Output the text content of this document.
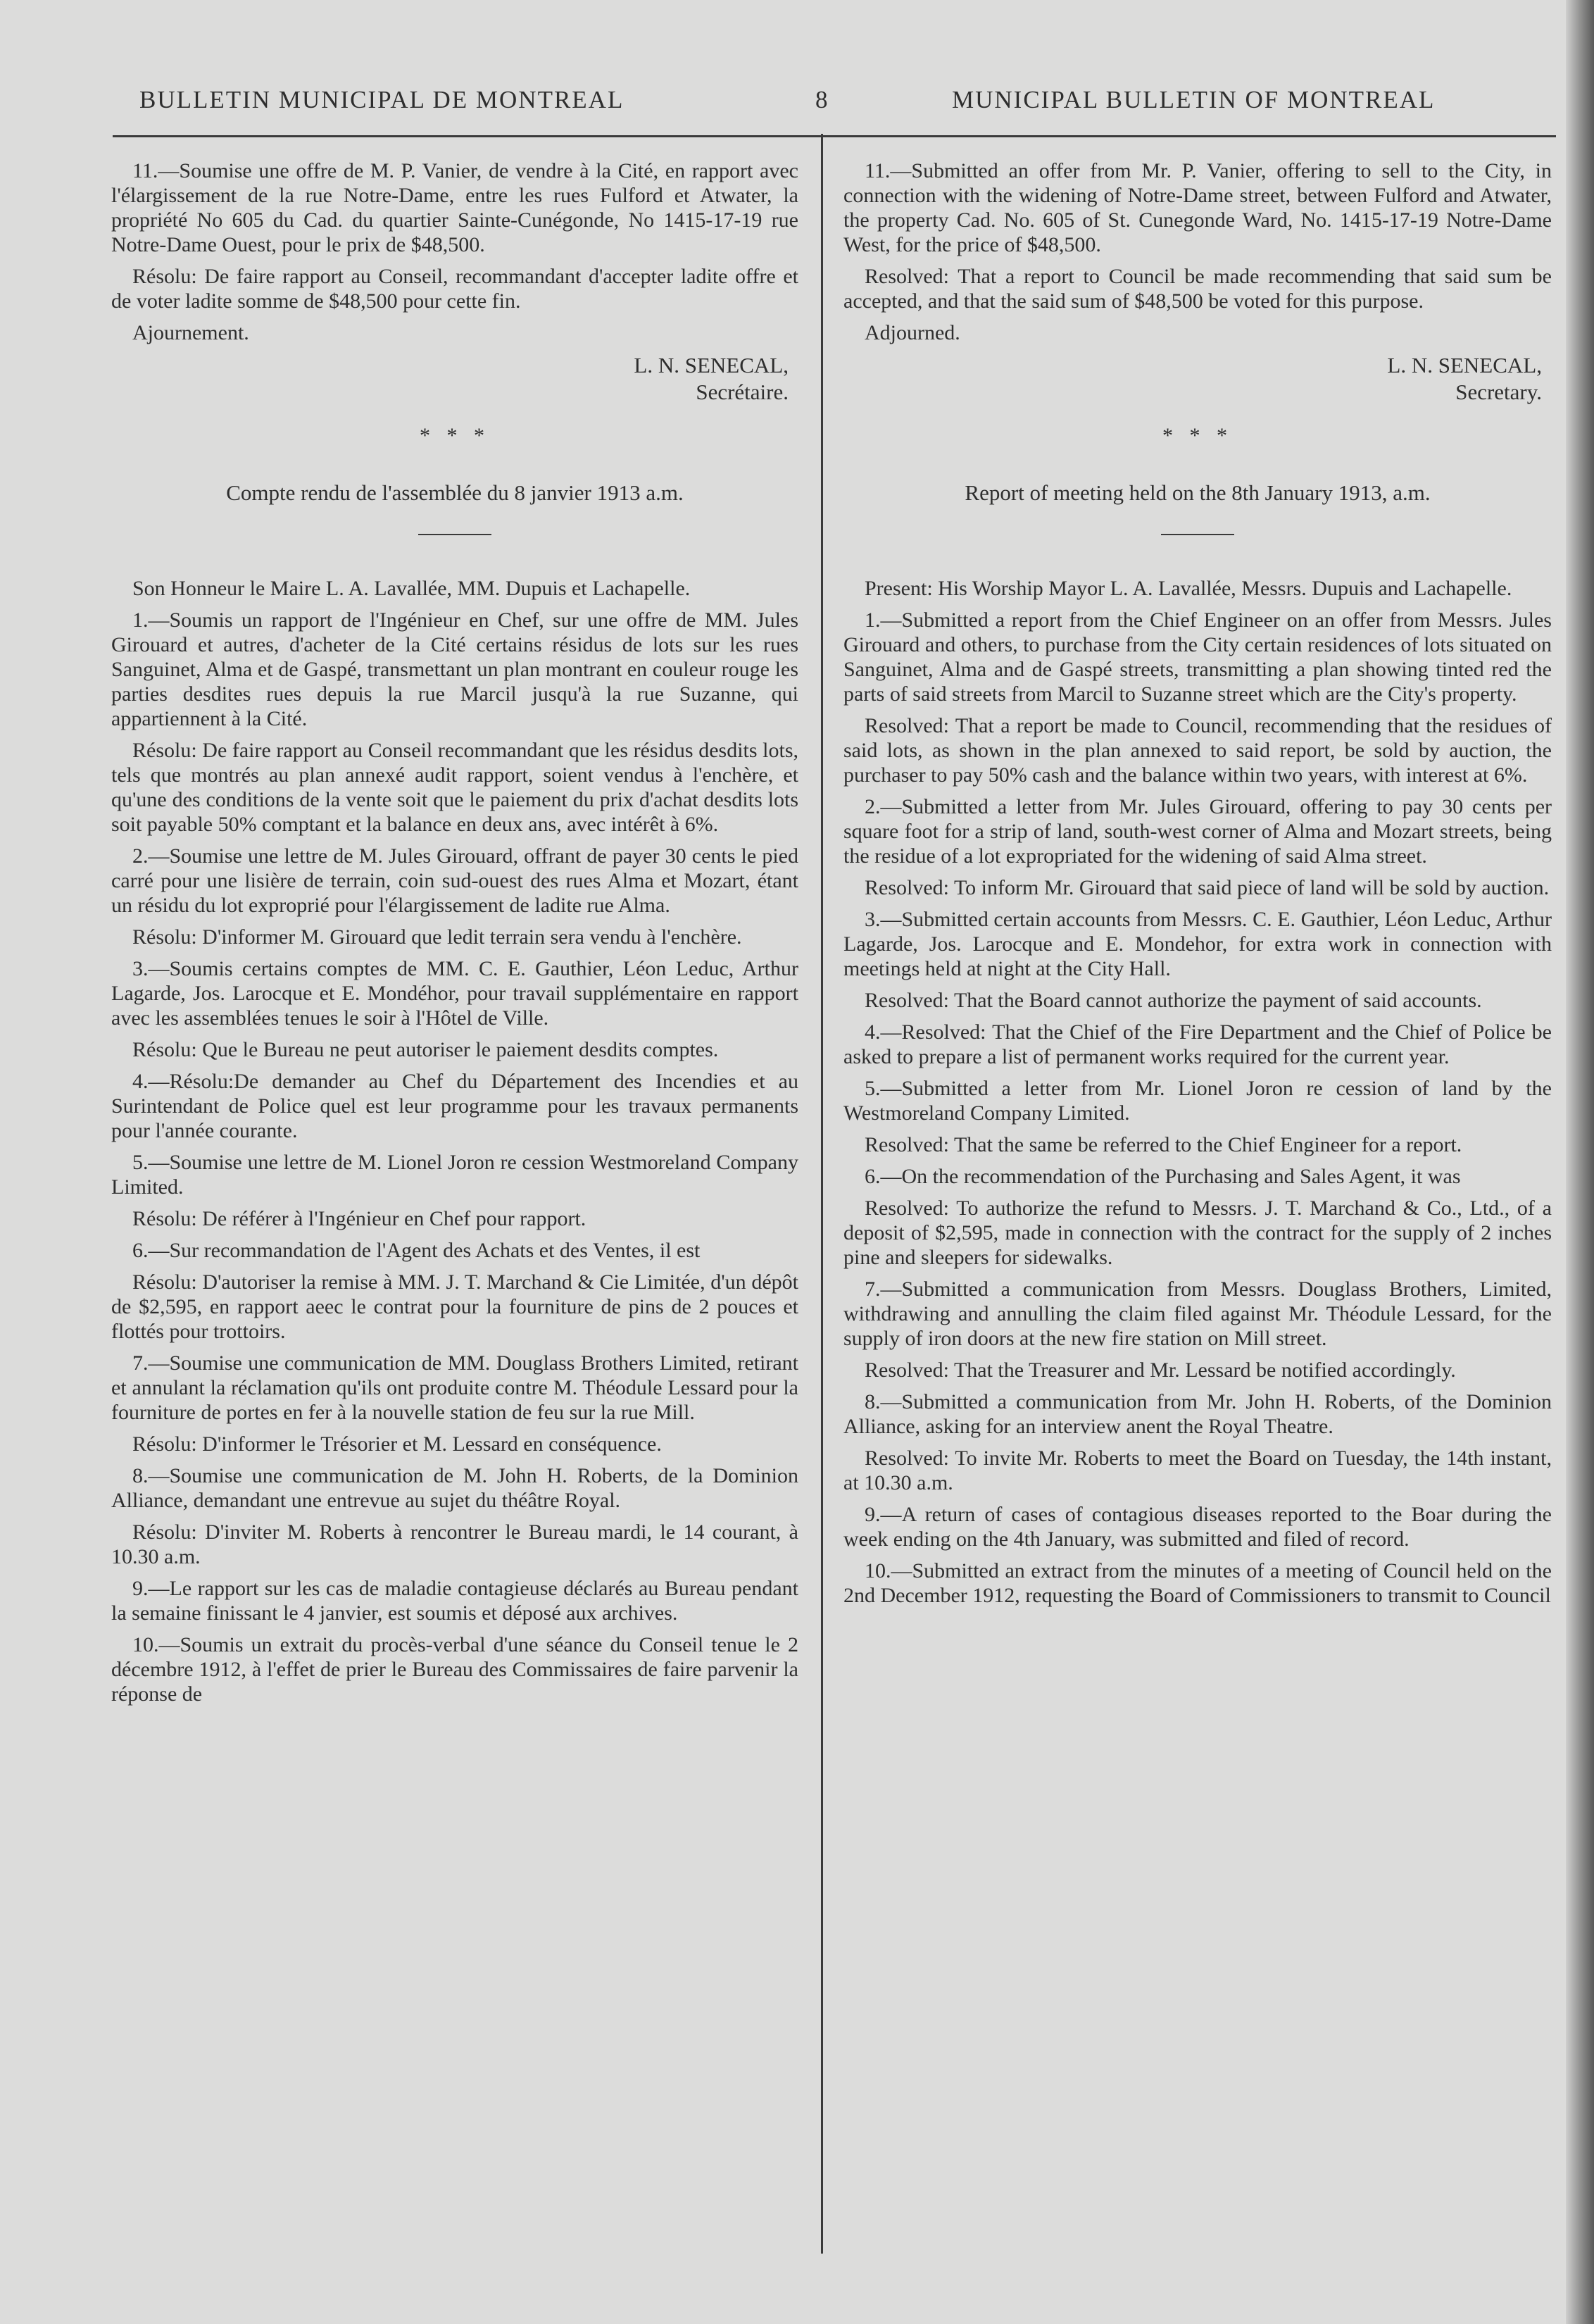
BULLETIN MUNICIPAL DE MONTREAL	8	MUNICIPAL BULLETIN OF MONTREAL

11.—Soumise une offre de M. P. Vanier, de vendre à la Cité, en rapport avec l'élargissement de la rue Notre-Dame, entre les rues Fulford et Atwater, la propriété No 605 du Cad. du quartier Sainte-Cunégonde, No 1415-17-19 rue Notre-Dame Ouest, pour le prix de $48,500.

Résolu: De faire rapport au Conseil, recommandant d'accepter ladite offre et de voter ladite somme de $48,500 pour cette fin.

Ajournement.

L. N. SENECAL,
Secrétaire.
* * *
Compte rendu de l'assemblée du 8 janvier 1913 a.m.

Son Honneur le Maire L. A. Lavallée, MM. Dupuis et Lachapelle.

1.—Soumis un rapport de l'Ingénieur en Chef, sur une offre de MM. Jules Girouard et autres, d'acheter de la Cité certains résidus de lots sur les rues Sanguinet, Alma et de Gaspé, transmettant un plan montrant en couleur rouge les parties desdites rues depuis la rue Marcil jusqu'à la rue Suzanne, qui appartiennent à la Cité.

Résolu: De faire rapport au Conseil recommandant que les résidus desdits lots, tels que montrés au plan annexé audit rapport, soient vendus à l'enchère, et qu'une des conditions de la vente soit que le paiement du prix d'achat desdits lots soit payable 50% comptant et la balance en deux ans, avec intérêt à 6%.

2.—Soumise une lettre de M. Jules Girouard, offrant de payer 30 cents le pied carré pour une lisière de terrain, coin sud-ouest des rues Alma et Mozart, étant un résidu du lot exproprié pour l'élargissement de ladite rue Alma.

Résolu: D'informer M. Girouard que ledit terrain sera vendu à l'enchère.

3.—Soumis certains comptes de MM. C. E. Gauthier, Léon Leduc, Arthur Lagarde, Jos. Larocque et E. Mondéhor, pour travail supplémentaire en rapport avec les assemblées tenues le soir à l'Hôtel de Ville.

Résolu: Que le Bureau ne peut autoriser le paiement desdits comptes.

4.—Résolu:De demander au Chef du Département des Incendies et au Surintendant de Police quel est leur programme pour les travaux permanents pour l'année courante.

5.—Soumise une lettre de M. Lionel Joron re cession Westmoreland Company Limited.

Résolu: De référer à l'Ingénieur en Chef pour rapport.

6.—Sur recommandation de l'Agent des Achats et des Ventes, il est

Résolu: D'autoriser la remise à MM. J. T. Marchand & Cie Limitée, d'un dépôt de $2,595, en rapport aeec le contrat pour la fourniture de pins de 2 pouces et flottés pour trottoirs.

7.—Soumise une communication de MM. Douglass Brothers Limited, retirant et annulant la réclamation qu'ils ont produite contre M. Théodule Lessard pour la fourniture de portes en fer à la nouvelle station de feu sur la rue Mill.

Résolu: D'informer le Trésorier et M. Lessard en conséquence.

8.—Soumise une communication de M. John H. Roberts, de la Dominion Alliance, demandant une entrevue au sujet du théâtre Royal.

Résolu: D'inviter M. Roberts à rencontrer le Bureau mardi, le 14 courant, à 10.30 a.m.

9.—Le rapport sur les cas de maladie contagieuse déclarés au Bureau pendant la semaine finissant le 4 janvier, est soumis et déposé aux archives.

10.—Soumis un extrait du procès-verbal d'une séance du Conseil tenue le 2 décembre 1912, à l'effet de prier le Bureau des Commissaires de faire parvenir la réponse de

11.—Submitted an offer from Mr. P. Vanier, offering to sell to the City, in connection with the widening of Notre-Dame street, between Fulford and Atwater, the property Cad. No. 605 of St. Cunegonde Ward, No. 1415-17-19 Notre-Dame West, for the price of $48,500.

Resolved: That a report to Council be made recommending that said sum be accepted, and that the said sum of $48,500 be voted for this purpose.

Adjourned.

L. N. SENECAL,
Secretary.
* * *
Report of meeting held on the 8th January 1913, a.m.

Present: His Worship Mayor L. A. Lavallée, Messrs. Dupuis and Lachapelle.

1.—Submitted a report from the Chief Engineer on an offer from Messrs. Jules Girouard and others, to purchase from the City certain residences of lots situated on Sanguinet, Alma and de Gaspé streets, transmitting a plan showing tinted red the parts of said streets from Marcil to Suzanne street which are the City's property.

Resolved: That a report be made to Council, recommending that the residues of said lots, as shown in the plan annexed to said report, be sold by auction, the purchaser to pay 50% cash and the balance within two years, with interest at 6%.

2.—Submitted a letter from Mr. Jules Girouard, offering to pay 30 cents per square foot for a strip of land, south-west corner of Alma and Mozart streets, being the residue of a lot expropriated for the widening of said Alma street.

Resolved: To inform Mr. Girouard that said piece of land will be sold by auction.

3.—Submitted certain accounts from Messrs. C. E. Gauthier, Léon Leduc, Arthur Lagarde, Jos. Larocque and E. Mondehor, for extra work in connection with meetings held at night at the City Hall.

Resolved: That the Board cannot authorize the payment of said accounts.

4.—Resolved: That the Chief of the Fire Department and the Chief of Police be asked to prepare a list of permanent works required for the current year.

5.—Submitted a letter from Mr. Lionel Joron re cession of land by the Westmoreland Company Limited.

Resolved: That the same be referred to the Chief Engineer for a report.

6.—On the recommendation of the Purchasing and Sales Agent, it was

Resolved: To authorize the refund to Messrs. J. T. Marchand & Co., Ltd., of a deposit of $2,595, made in connection with the contract for the supply of 2 inches pine and sleepers for sidewalks.

7.—Submitted a communication from Messrs. Douglass Brothers, Limited, withdrawing and annulling the claim filed against Mr. Théodule Lessard, for the supply of iron doors at the new fire station on Mill street.

Resolved: That the Treasurer and Mr. Lessard be notified accordingly.

8.—Submitted a communication from Mr. John H. Roberts, of the Dominion Alliance, asking for an interview anent the Royal Theatre.

Resolved: To invite Mr. Roberts to meet the Board on Tuesday, the 14th instant, at 10.30 a.m.

9.—A return of cases of contagious diseases reported to the Boar during the week ending on the 4th January, was submitted and filed of record.

10.—Submitted an extract from the minutes of a meeting of Council held on the 2nd December 1912, requesting the Board of Commissioners to transmit to Council
